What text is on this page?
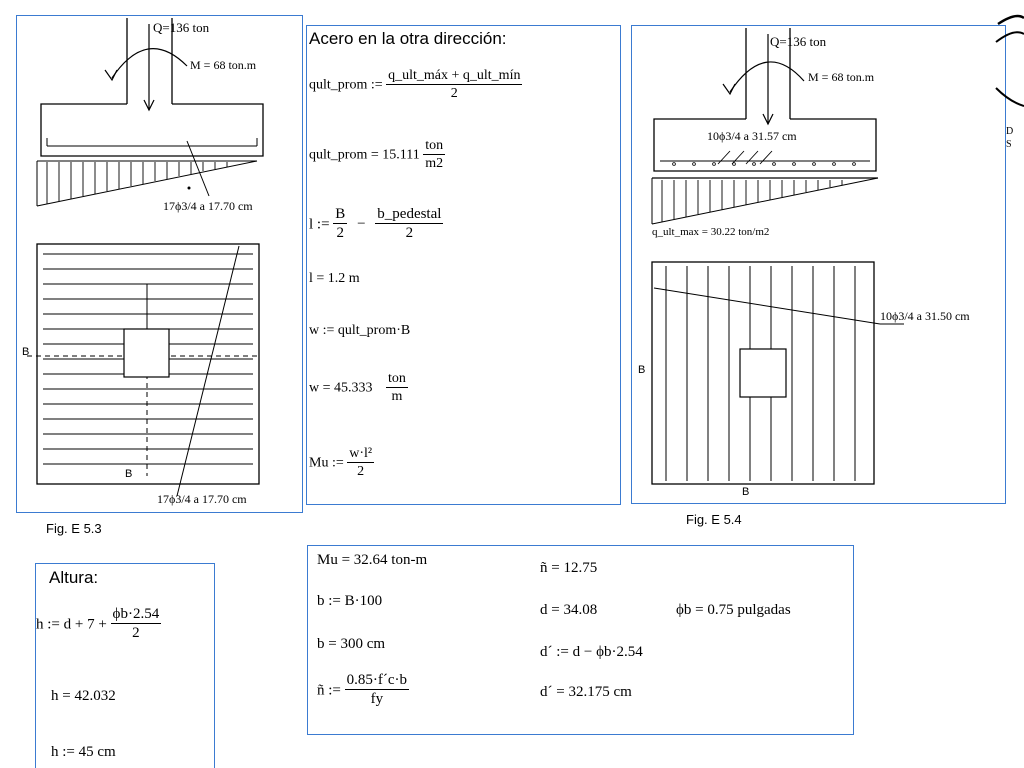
Q=136 ton
M = 68 ton.m
17ϕ3/4 a 17.70 cm
B
B
17ϕ3/4 a 17.70 cm
Fig. E 5.3
Acero en la otra dirección:
qult_prom := $\frac{\text{q\_ult\_máx + q\_ult\_mín}}{2}$
qult_prom = $15.111 \frac{\text{ton}}{m2}$
l := $\frac{B}{2} - \frac{\text{b\_pedestal}}{2}$
l = 1.2 m
w := qult_prom·B
$w = 45.333 \frac{\text{ton}}{m}$
Mu := $\frac{\text{w·l²}}{2}$
Q=136 ton
M = 68 ton.m
10ϕ3/4 a 31.57 cm
q_ult_max = 30.22 ton/m2
10ϕ3/4 a 31.50 cm
B
B
Fig. E 5.4
D
S
Altura:
h := $d + 7 + \frac{\phi b\cdot 2.54}{2}$
h = 42.032
h := 45 cm
Mu = 32.64 ton-m
b := B·100
b = 300 cm
ñ := $\frac{0.85\cdot f´c\cdot b}{fy}$
ñ = 12.75
d = 34.08	ϕb = 0.75 pulgadas
d´ := d − ϕb·2.54
d´ = 32.175 cm
